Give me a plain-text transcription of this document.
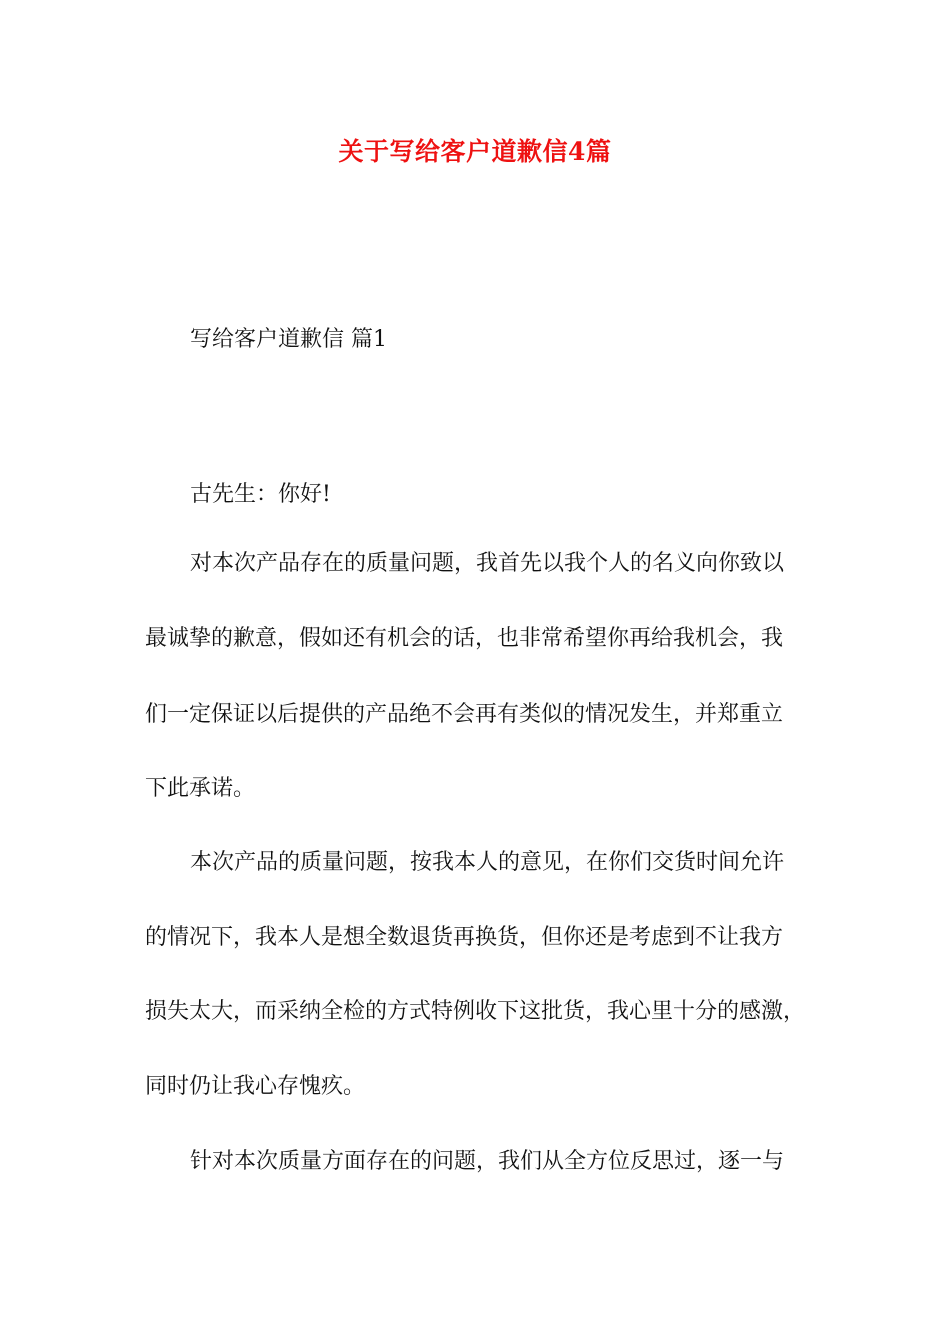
关于写给客户道歉信4篇
写给客户道歉信 篇1
古先生：你好!
对本次产品存在的质量问题，我首先以我个人的名义向你致以
最诚挚的歉意，假如还有机会的话，也非常希望你再给我机会，我
们一定保证以后提供的产品绝不会再有类似的情况发生，并郑重立
下此承诺。
本次产品的质量问题，按我本人的意见，在你们交货时间允许
的情况下，我本人是想全数退货再换货，但你还是考虑到不让我方
损失太大，而采纳全检的方式特例收下这批货，我心里十分的感激，
同时仍让我心存愧疚。
针对本次质量方面存在的问题，我们从全方位反思过，逐一与
